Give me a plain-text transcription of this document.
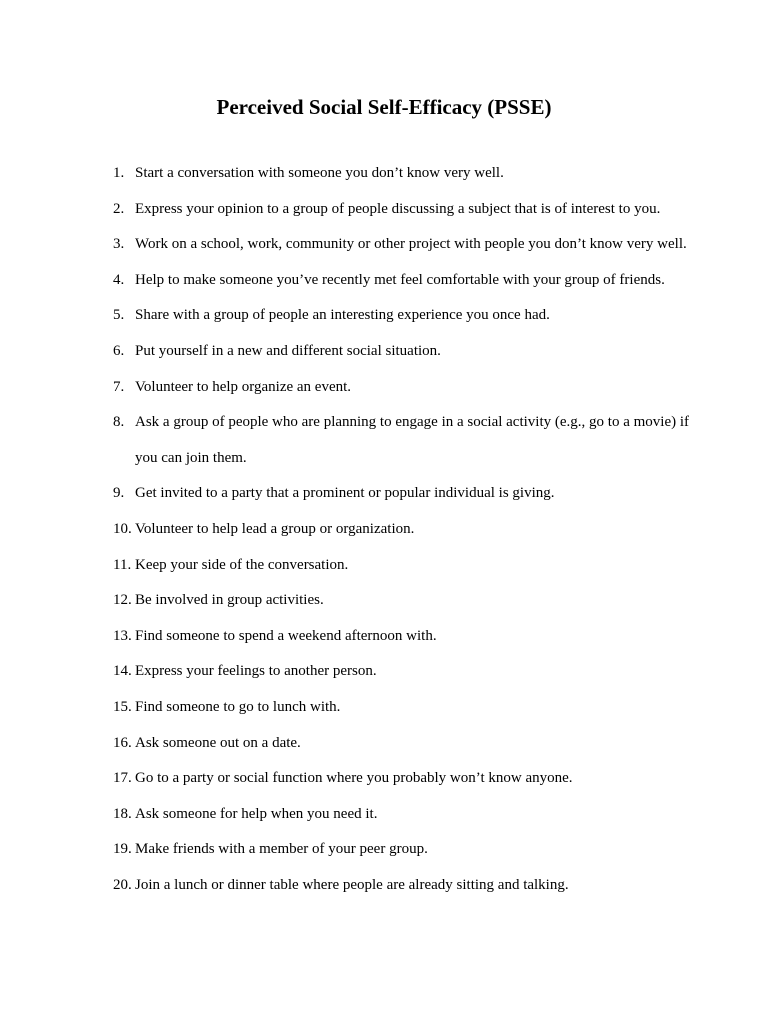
Perceived Social Self-Efficacy (PSSE)
1. Start a conversation with someone you don’t know very well.
2. Express your opinion to a group of people discussing a subject that is of interest to you.
3. Work on a school, work, community or other project with people you don’t know very well.
4. Help to make someone you’ve recently met feel comfortable with your group of friends.
5. Share with a group of people an interesting experience you once had.
6. Put yourself in a new and different social situation.
7. Volunteer to help organize an event.
8. Ask a group of people who are planning to engage in a social activity (e.g., go to a movie) if you can join them.
9. Get invited to a party that a prominent or popular individual is giving.
10. Volunteer to help lead a group or organization.
11. Keep your side of the conversation.
12. Be involved in group activities.
13. Find someone to spend a weekend afternoon with.
14. Express your feelings to another person.
15. Find someone to go to lunch with.
16. Ask someone out on a date.
17. Go to a party or social function where you probably won’t know anyone.
18. Ask someone for help when you need it.
19. Make friends with a member of your peer group.
20. Join a lunch or dinner table where people are already sitting and talking.
